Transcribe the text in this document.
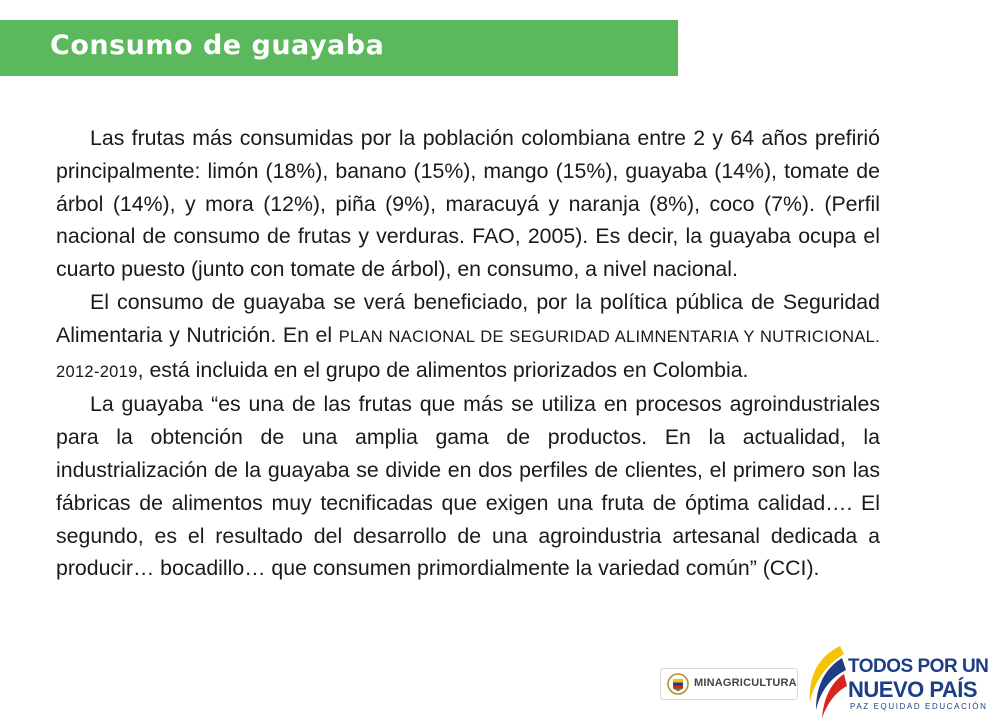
Consumo de guayaba

Las frutas más consumidas por la población colombiana entre 2 y 64 años prefirió principalmente: limón (18%), banano (15%), mango (15%), guayaba (14%), tomate de árbol (14%), y mora (12%), piña (9%), maracuyá y naranja (8%), coco (7%). (Perfil nacional de consumo de frutas y verduras. FAO, 2005). Es decir, la guayaba ocupa el cuarto puesto (junto con tomate de árbol), en consumo, a nivel nacional.

El consumo de guayaba se verá beneficiado, por la política pública de Seguridad Alimentaria y Nutrición. En el PLAN NACIONAL DE SEGURIDAD ALIMNENTARIA Y NUTRICIONAL. 2012-2019, está incluida en el grupo de alimentos priorizados en Colombia.

La guayaba “es una de las frutas que más se utiliza en procesos agroindustriales para la obtención de una amplia gama de productos. En la actualidad, la industrialización de la guayaba se divide en dos perfiles de clientes, el primero son las fábricas de alimentos muy tecnificadas que exigen una fruta de óptima calidad…. El segundo, es el resultado del desarrollo de una agroindustria artesanal dedicada a producir… bocadillo… que consumen primordialmente la variedad común” (CCI).

MINAGRICULTURA
TODOS POR UN
NUEVO PAÍS
PAZ EQUIDAD EDUCACIÓN
